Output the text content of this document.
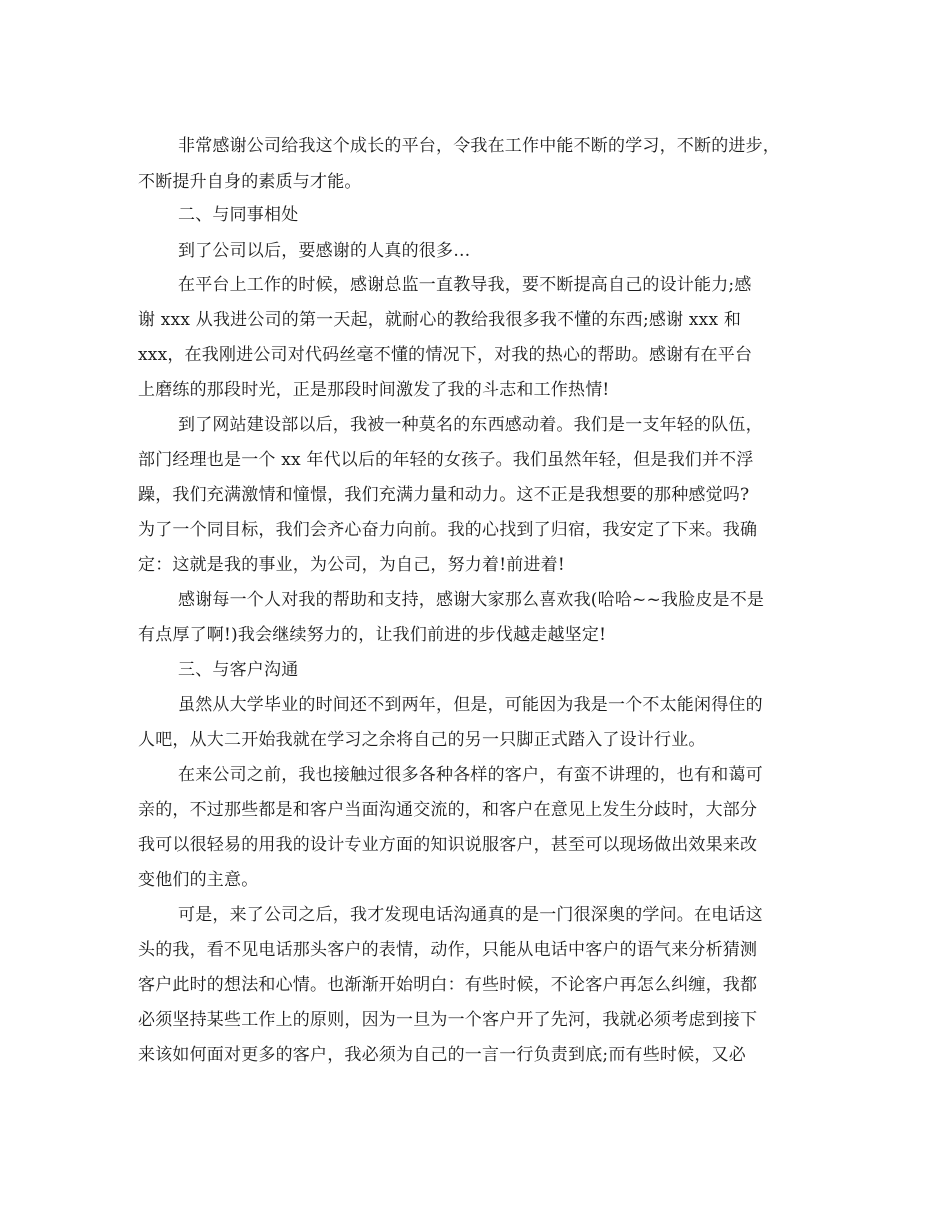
非常感谢公司给我这个成长的平台，令我在工作中能不断的学习，不断的进步，
不断提升自身的素质与才能。
二、与同事相处
到了公司以后，要感谢的人真的很多…
在平台上工作的时候，感谢总监一直教导我，要不断提高自己的设计能力;感
谢 xxx 从我进公司的第一天起，就耐心的教给我很多我不懂的东西;感谢 xxx 和
xxx，在我刚进公司对代码丝毫不懂的情况下，对我的热心的帮助。感谢有在平台
上磨练的那段时光，正是那段时间激发了我的斗志和工作热情!
到了网站建设部以后，我被一种莫名的东西感动着。我们是一支年轻的队伍，
部门经理也是一个 xx 年代以后的年轻的女孩子。我们虽然年轻，但是我们并不浮
躁，我们充满激情和憧憬，我们充满力量和动力。这不正是我想要的那种感觉吗?
为了一个同目标，我们会齐心奋力向前。我的心找到了归宿，我安定了下来。我确
定：这就是我的事业，为公司，为自己，努力着!前进着!
感谢每一个人对我的帮助和支持，感谢大家那么喜欢我(哈哈~~我脸皮是不是
有点厚了啊!)我会继续努力的，让我们前进的步伐越走越坚定!
三、与客户沟通
虽然从大学毕业的时间还不到两年，但是，可能因为我是一个不太能闲得住的
人吧，从大二开始我就在学习之余将自己的另一只脚正式踏入了设计行业。
在来公司之前，我也接触过很多各种各样的客户，有蛮不讲理的，也有和蔼可
亲的，不过那些都是和客户当面沟通交流的，和客户在意见上发生分歧时，大部分
我可以很轻易的用我的设计专业方面的知识说服客户，甚至可以现场做出效果来改
变他们的主意。
可是，来了公司之后，我才发现电话沟通真的是一门很深奥的学问。在电话这
头的我，看不见电话那头客户的表情，动作，只能从电话中客户的语气来分析猜测
客户此时的想法和心情。也渐渐开始明白：有些时候，不论客户再怎么纠缠，我都
必须坚持某些工作上的原则，因为一旦为一个客户开了先河，我就必须考虑到接下
来该如何面对更多的客户，我必须为自己的一言一行负责到底;而有些时候，又必
